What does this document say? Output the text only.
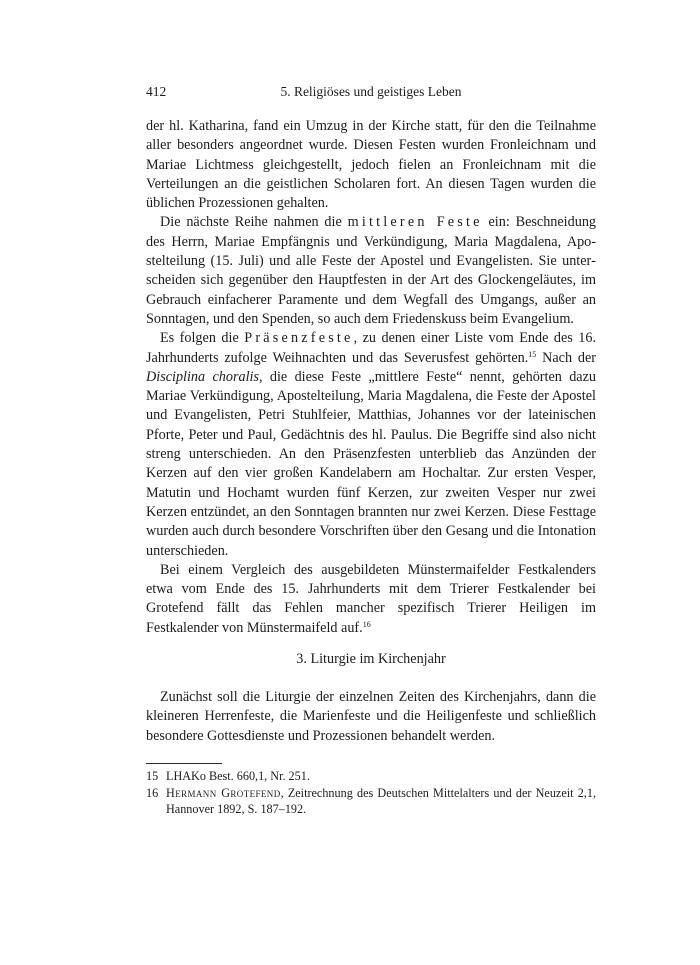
412	5. Religiöses und geistiges Leben

der hl. Katharina, fand ein Umzug in der Kirche statt, für den die Teilnahme aller besonders angeordnet wurde. Diesen Festen wurden Fronleichnam und Mariae Lichtmess gleichgestellt, jedoch fielen an Fronleichnam mit die Verteilungen an die geistlichen Scholaren fort. An diesen Tagen wurden die üblichen Prozessionen gehalten.

Die nächste Reihe nahmen die mittleren Feste ein: Beschneidung des Herrn, Mariae Empfängnis und Verkündigung, Maria Magdalena, Apostelteilung (15. Juli) und alle Feste der Apostel und Evangelisten. Sie unterscheiden sich gegenüber den Hauptfesten in der Art des Glockengeläutes, im Gebrauch einfacherer Paramente und dem Wegfall des Umgangs, außer an Sonntagen, und den Spenden, so auch dem Friedenskuss beim Evangelium.

Es folgen die Präsenzfeste, zu denen einer Liste vom Ende des 16. Jahrhunderts zufolge Weihnachten und das Severusfest gehörten.$^{15}$ Nach der Disciplina choralis, die diese Feste „mittlere Feste“ nennt, gehörten dazu Mariae Verkündigung, Apostelteilung, Maria Magdalena, die Feste der Apostel und Evangelisten, Petri Stuhlfeier, Matthias, Johannes vor der lateinischen Pforte, Peter und Paul, Gedächtnis des hl. Paulus. Die Begriffe sind also nicht streng unterschieden. An den Präsenzfesten unterblieb das Anzünden der Kerzen auf den vier großen Kandelabern am Hochaltar. Zur ersten Vesper, Matutin und Hochamt wurden fünf Kerzen, zur zweiten Vesper nur zwei Kerzen entzündet, an den Sonntagen brannten nur zwei Kerzen. Diese Festtage wurden auch durch besondere Vorschriften über den Gesang und die Intonation unterschieden.

Bei einem Vergleich des ausgebildeten Münstermaifelder Festkalenders etwa vom Ende des 15. Jahrhunderts mit dem Trierer Festkalender bei Grotefend fällt das Fehlen mancher spezifisch Trierer Heiligen im Festkalender von Münstermaifeld auf.$^{16}$

3. Liturgie im Kirchenjahr

Zunächst soll die Liturgie der einzelnen Zeiten des Kirchenjahrs, dann die kleineren Herrenfeste, die Marienfeste und die Heiligenfeste und schließlich besondere Gottesdienste und Prozessionen behandelt werden.

15 LHAKo Best. 660,1, Nr. 251.
16 Hermann Grotefend, Zeitrechnung des Deutschen Mittelalters und der Neuzeit 2,1, Hannover 1892, S. 187–192.
